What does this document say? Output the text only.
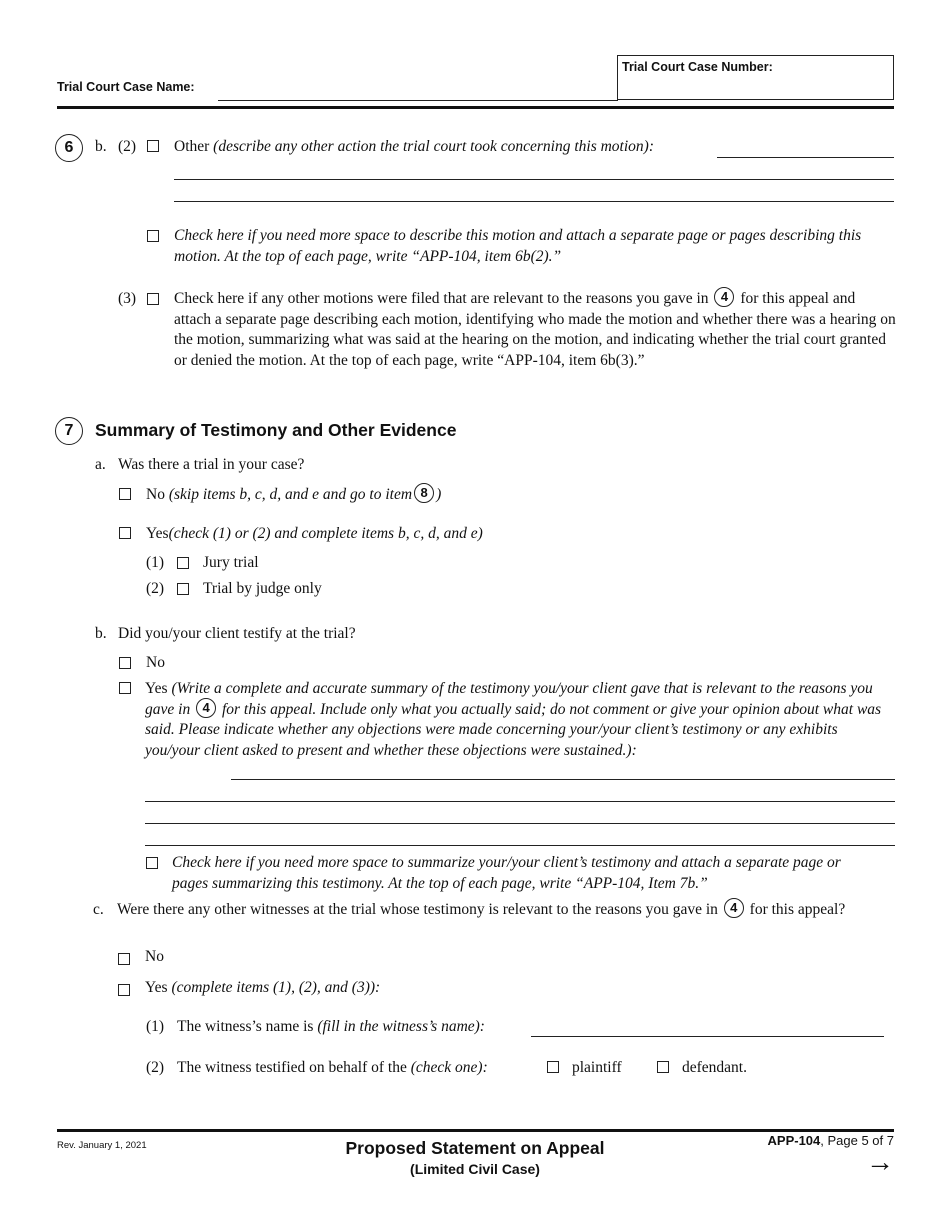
Trial Court Case Name:
Trial Court Case Number:
6	b. (2) Other (describe any other action the trial court took concerning this motion):
Check here if you need more space to describe this motion and attach a separate page or pages describing this motion. At the top of each page, write “APP-104, item 6b(2).”
(3) Check here if any other motions were filed that are relevant to the reasons you gave in 4 for this appeal and attach a separate page describing each motion, identifying who made the motion and whether there was a hearing on the motion, summarizing what was said at the hearing on the motion, and indicating whether the trial court granted or denied the motion. At the top of each page, write “APP-104, item 6b(3).”
7	Summary of Testimony and Other Evidence
a. Was there a trial in your case?
No (skip items b, c, d, and e and go to item 8 )
Yes(check (1) or (2) and complete items b, c, d, and e)
(1)	Jury trial
(2)	Trial by judge only
b. Did you/your client testify at the trial?
No
Yes (Write a complete and accurate summary of the testimony you/your client gave that is relevant to the reasons you gave in 4 for this appeal. Include only what you actually said; do not comment or give your opinion about what was said. Please indicate whether any objections were made concerning your/your client’s testimony or any exhibits you/your client asked to present and whether these objections were sustained.):
Check here if you need more space to summarize your/your client’s testimony and attach a separate page or pages summarizing this testimony. At the top of each page, write “APP-104, Item 7b.”
c. Were there any other witnesses at the trial whose testimony is relevant to the reasons you gave in 4 for this appeal?
No
Yes (complete items (1), (2), and (3)):
(1) The witness’s name is (fill in the witness’s name):
(2) The witness testified on behalf of the (check one):	plaintiff	defendant.
Rev. January 1, 2021	Proposed Statement on Appeal
(Limited Civil Case)
APP-104, Page 5 of 7
→
